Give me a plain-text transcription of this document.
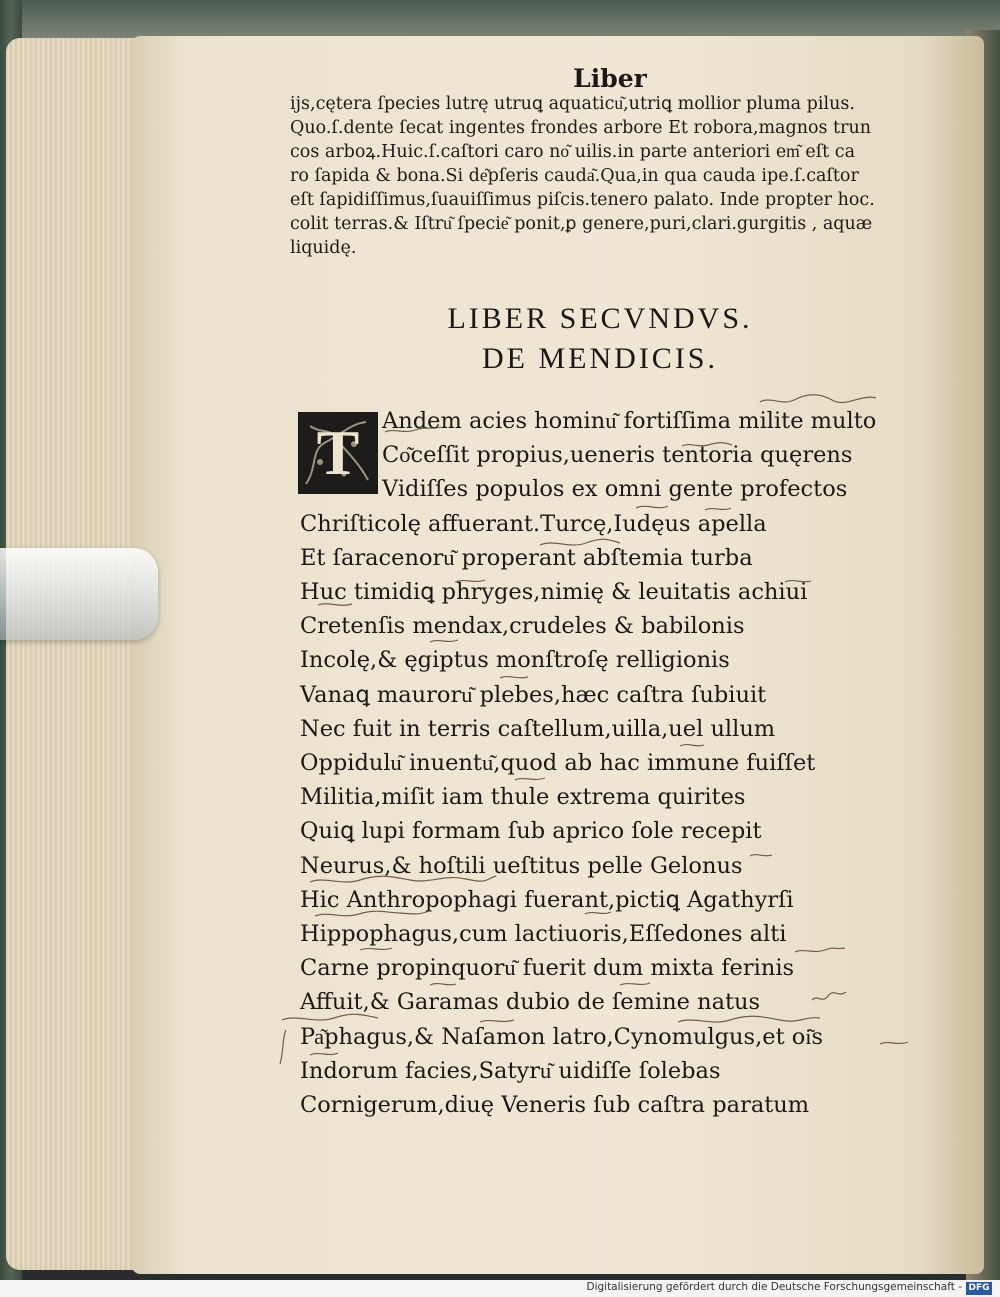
Liber
ijs,cętera ſpecies lutrę utruꝗ aquaticu͂,utriꝗ mollior pluma pilus.
Quo.ſ.dente ſecat ingentes frondes arbore Et robora,magnos trun
cos arboꝝ.Huic.ſ.caſtori caro no͂ uilis.in parte anteriori em͂ eſt ca
ro ſapida & bona.Si de͂pſeris cauda͂.Qua,in qua cauda ipe.ſ.caſtor
eſt ſapidiſſimus,ſuauiſſimus piſcis.tenero palato. Inde propter hoc.
colit terras.& Iſtru͂ ſpecie͂ ponit,ꝑ genere,puri,clari.gurgitis , aquæ
liquidę.
LIBER SECVNDVS.
DE MENDICIS.
T	Andem acies hominu͂ fortiſſima milite multo
Co͂ceſſit propius,ueneris tentoria quęrens
Vidiſſes populos ex omni gente profectos
Chriſticolę affuerant.Turcę,Iudęus apella
Et ſaracenoru͂ properant abſtemia turba
Huc timidiꝗ phryges,nimię & leuitatis achiui
Cretenſis mendax,crudeles & babilonis
Incolę,& ęgiptus monſtroſę relligionis
Vanaꝗ mauroru͂ plebes,hæc caſtra ſubiuit
Nec fuit in terris caſtellum,uilla,uel ullum
Oppidulu͂ inuentu͂,quod ab hac immune fuiſſet
Militia,miſit iam thule extrema quirites
Quiꝗ lupi formam ſub aprico ſole recepit
Neurus,& hoſtili ueſtitus pelle Gelonus
Hic Anthropophagi fuerant,pictiꝗ Agathyrſi
Hippophagus,cum lactiuoris,Eſſedones alti
Carne propinquoru͂ fuerit dum mixta ferinis
Affuit,& Garamas dubio de ſemine natus
Pa͂phagus,& Naſamon latro,Cynomulgus,et oi͂s
Indorum facies,Satyru͂ uidiſſe ſolebas
Cornigerum,diuę Veneris ſub caſtra paratum
Digitalisierung gefördert durch die Deutsche Forschungsgemeinschaft - DFG
